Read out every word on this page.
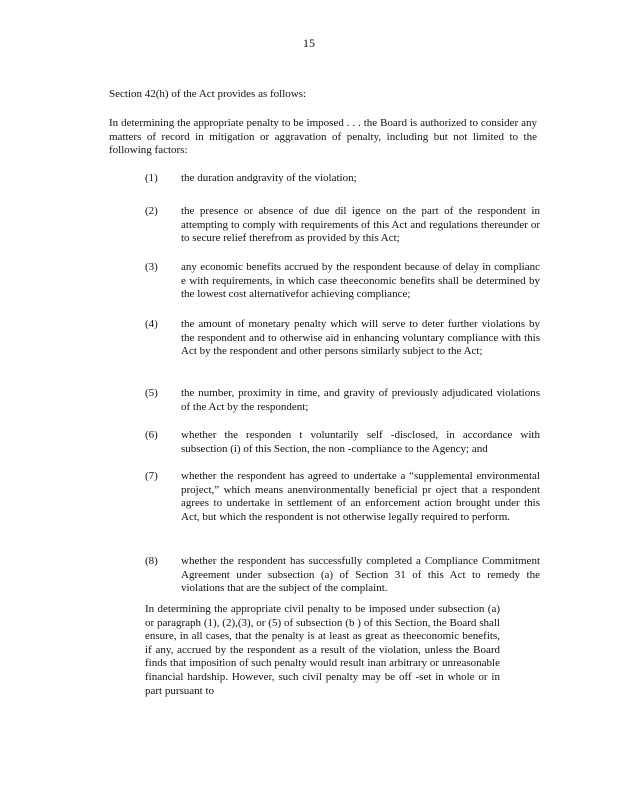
15
Section 42(h) of the Act provides as follows:
In determining the appropriate penalty to be imposed . . . the Board is authorized to consider any matters of record in mitigation or aggravation of penalty, including but not limited to the following factors:
(1)	the duration andgravity of the violation;
(2)	the presence or absence of due dil igence on the part of the respondent in attempting to comply with requirements of this Act and regulations thereunder or to secure relief therefrom as provided by this Act;
(3)	any economic benefits accrued by the respondent because of delay in complianc e with requirements, in which case theeconomic benefits shall be determined by the lowest cost alternativefor achieving compliance;
(4)	the amount of monetary penalty which will serve to deter further violations by the respondent and to otherwise aid in enhancing voluntary compliance with this Act by the respondent and other persons similarly subject to the Act;
(5)	the number, proximity in time, and gravity of previously adjudicated violations of the Act by the respondent;
(6)	whether the responden t voluntarily self -disclosed, in accordance with subsection (i) of this Section, the non -compliance to the Agency; and
(7)	whether the respondent has agreed to undertake a “supplemental environmental project,” which means anenvironmentally beneficial pr oject that a respondent agrees to undertake in settlement of an enforcement action brought under this Act, but which the respondent is not otherwise legally required to perform.
(8)	whether the respondent has successfully completed a Compliance Commitment Agreement under subsection (a) of Section 31 of this Act to remedy the violations that are the subject of the complaint.
In determining the appropriate civil penalty to be imposed under subsection (a) or paragraph (1), (2),(3), or (5) of subsection (b ) of this Section, the Board shall ensure, in all cases, that the penalty is at least as great as theeconomic benefits, if any, accrued by the respondent as a result of the violation, unless the Board finds that imposition of such penalty would result inan arbitrary or unreasonable financial hardship. However, such civil penalty may be off -set in whole or in part pursuant to
